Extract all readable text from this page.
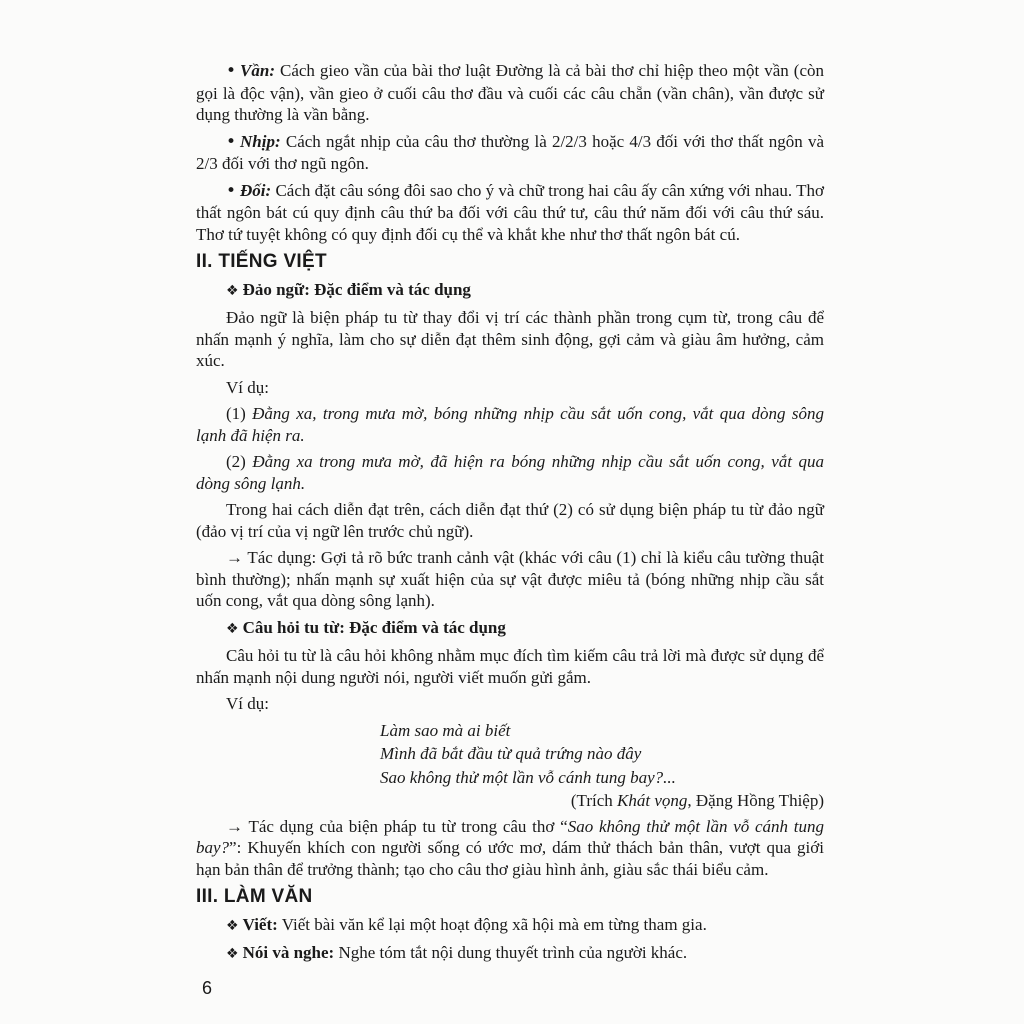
• Vần: Cách gieo vần của bài thơ luật Đường là cả bài thơ chỉ hiệp theo một vần (còn gọi là độc vận), vần gieo ở cuối câu thơ đầu và cuối các câu chẵn (vần chân), vần được sử dụng thường là vần bằng.

• Nhịp: Cách ngắt nhịp của câu thơ thường là 2/2/3 hoặc 4/3 đối với thơ thất ngôn và 2/3 đối với thơ ngũ ngôn.

• Đối: Cách đặt câu sóng đôi sao cho ý và chữ trong hai câu ấy cân xứng với nhau. Thơ thất ngôn bát cú quy định câu thứ ba đối với câu thứ tư, câu thứ năm đối với câu thứ sáu. Thơ tứ tuyệt không có quy định đối cụ thể và khắt khe như thơ thất ngôn bát cú.

II. TIẾNG VIỆT

❖ Đảo ngữ: Đặc điểm và tác dụng

Đảo ngữ là biện pháp tu từ thay đổi vị trí các thành phần trong cụm từ, trong câu để nhấn mạnh ý nghĩa, làm cho sự diễn đạt thêm sinh động, gợi cảm và giàu âm hưởng, cảm xúc.

Ví dụ:

(1) Đằng xa, trong mưa mờ, bóng những nhịp cầu sắt uốn cong, vắt qua dòng sông lạnh đã hiện ra.

(2) Đằng xa trong mưa mờ, đã hiện ra bóng những nhịp cầu sắt uốn cong, vắt qua dòng sông lạnh.

Trong hai cách diễn đạt trên, cách diễn đạt thứ (2) có sử dụng biện pháp tu từ đảo ngữ (đảo vị trí của vị ngữ lên trước chủ ngữ).

→ Tác dụng: Gợi tả rõ bức tranh cảnh vật (khác với câu (1) chỉ là kiểu câu tường thuật bình thường); nhấn mạnh sự xuất hiện của sự vật được miêu tả (bóng những nhịp cầu sắt uốn cong, vắt qua dòng sông lạnh).

❖ Câu hỏi tu từ: Đặc điểm và tác dụng

Câu hỏi tu từ là câu hỏi không nhằm mục đích tìm kiếm câu trả lời mà được sử dụng để nhấn mạnh nội dung người nói, người viết muốn gửi gắm.

Ví dụ:

Làm sao mà ai biết
Mình đã bắt đầu từ quả trứng nào đây
Sao không thử một lần vỗ cánh tung bay?...

(Trích Khát vọng, Đặng Hồng Thiệp)

→ Tác dụng của biện pháp tu từ trong câu thơ “Sao không thử một lần vỗ cánh tung bay?”: Khuyến khích con người sống có ước mơ, dám thử thách bản thân, vượt qua giới hạn bản thân để trưởng thành; tạo cho câu thơ giàu hình ảnh, giàu sắc thái biểu cảm.

III. LÀM VĂN

❖ Viết: Viết bài văn kể lại một hoạt động xã hội mà em từng tham gia.

❖ Nói và nghe: Nghe tóm tắt nội dung thuyết trình của người khác.

6
